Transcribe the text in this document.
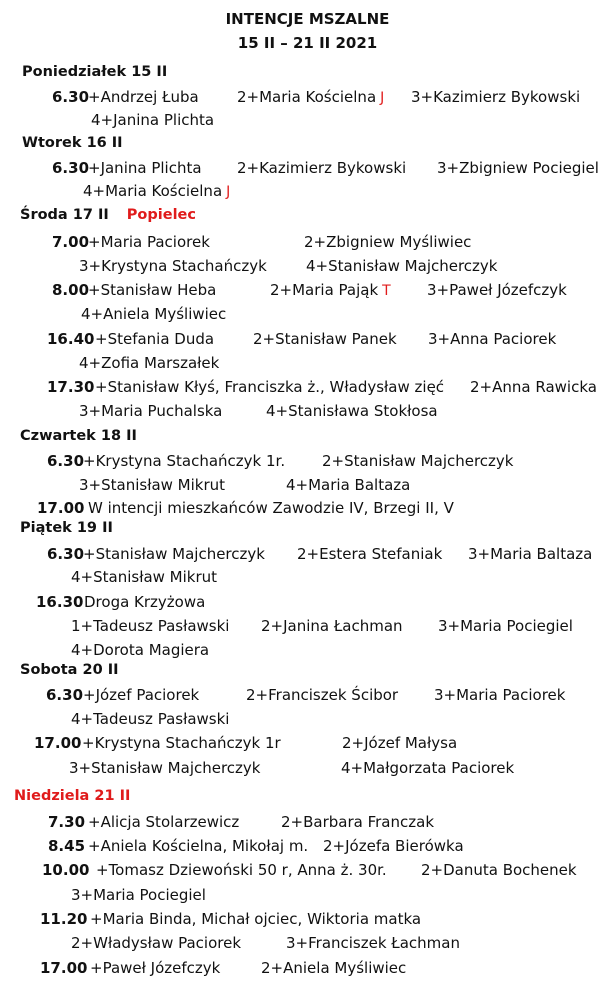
INTENCJE MSZALNE
15 II – 21 II 2021
Poniedziałek 15 II
6.30
+Andrzej Łuba	2+Maria Kościelna J 3+Kazimierz Bykowski
4+Janina Plichta
Wtorek 16 II
6.30
+Janina Plichta 2+Kazimierz Bykowski 3+Zbigniew Pociegiel
4+Maria Kościelna J
Środa 17 II Popielec
7.00
+Maria Paciorek	2+Zbigniew Myśliwiec
3+Krystyna Stachańczyk	4+Stanisław Majcherczyk
8.00
+Stanisław Heba	2+Maria Pająk T 3+Paweł Józefczyk
4+Aniela Myśliwiec
16.40 +Stefania Duda	2+Stanisław Panek 3+Anna Paciorek
4+Zofia Marszałek
17.30 +Stanisław Kłyś, Franciszka ż., Władysław zięć 2+Anna Rawicka
3+Maria Puchalska	4+Stanisława Stokłosa
Czwartek 18 II
6.30
+Krystyna Stachańczyk 1r. 2+Stanisław Majcherczyk
3+Stanisław Mikrut	4+Maria Baltaza
17.00 W intencji mieszkańców Zawodzie IV, Brzegi II, V
Piątek 19 II
6.30
+Stanisław Majcherczyk 2+Estera Stefaniak 3+Maria Baltaza
4+Stanisław Mikrut
16.30 Droga Krzyżowa
1+Tadeusz Pasławski 2+Janina Łachman 3+Maria Pociegiel
4+Dorota Magiera
Sobota 20 II
6.30 +Józef Paciorek	2+Franciszek Ścibor 3+Maria Paciorek
4+Tadeusz Pasławski
17.00 +Krystyna Stachańczyk 1r	2+Józef Małysa
3+Stanisław Majcherczyk	4+Małgorzata Paciorek
Niedziela 21 II
7.30 +Alicja Stolarzewicz	2+Barbara Franczak
8.45 +Aniela Kościelna, Mikołaj m. 2+Józefa Bierówka
10.00 +Tomasz Dziewoński 50 r, Anna ż. 30r. 2+Danuta Bochenek
3+Maria Pociegiel
11.20 +Maria Binda, Michał ojciec, Wiktoria matka
2+Władysław Paciorek	3+Franciszek Łachman
17.00 +Paweł Józefczyk	2+Aniela Myśliwiec
